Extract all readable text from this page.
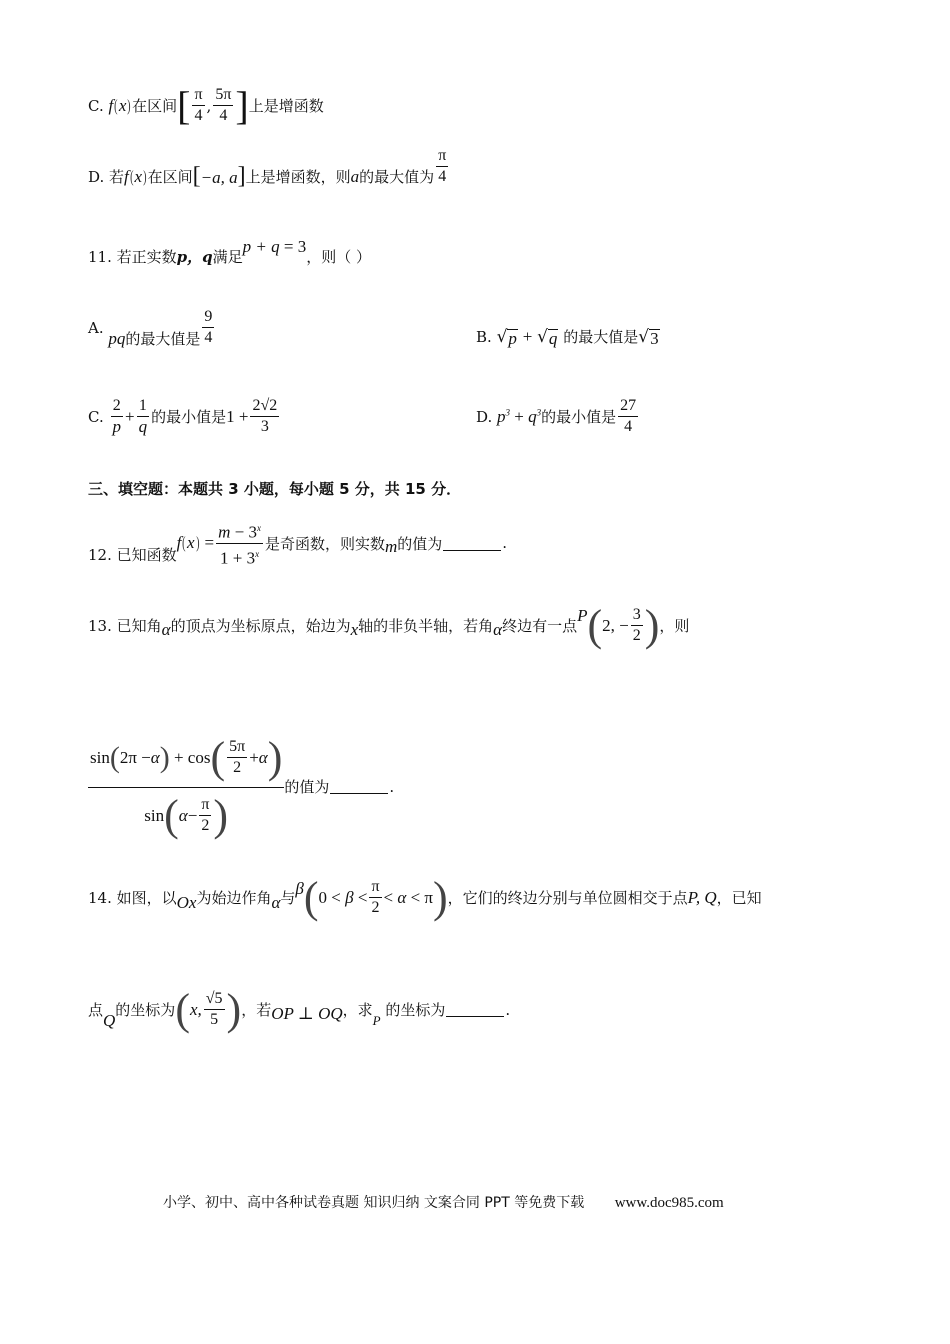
C.
f(x) 在区间 [ $\frac{\pi}{4}$ , $\frac{5\pi}{4}$ ] 上是增函数
D. 若 f(x) 在区间 [−a, a] 上是增函数，则 a 的最大值为 $\frac{\pi}{4}$
11. 若正实数 p，q 满足
p + q = 3
，则（ ）
A.

pq 的最大值是 $\frac{9}{4}$	B.
√ p
+
√ q
的最大值是 √ 3
C.
$\frac{2}{p} + \frac{1}{q}$ 的最小值是 $1 + \frac{2√2}{3}$	D.
$p^3 + q^3$ 的最小值是 $\frac{27}{4}$
三、填空题：本题共 3 小题，每小题 5 分，共 15 分．
12. 已知函数
$f(x) = \frac{m - 3^x}{1 + 3^x}$ 是奇函数，则实数 m 的值为	.
13. 已知角 α 的顶点为坐标原点，始边为 x 轴的非负半轴，若角 α 终边有一点
P ( 2, − $\frac{3}{2}$ ) ，则
$\frac{\sin ( 2\pi - \alpha ) + \cos ( \frac{5\pi}{2} + \alpha )}{\sin ( \alpha - \frac{\pi}{2} )}$ 的值为	.
14. 如图，以 Ox 为始边作角 α 与
β ( $0 < \beta < \frac{\pi}{2} < \alpha < \pi$ ) ，它们的终边分别与单位圆相交于点 P, Q ，已知
点
Q
的坐标为 ( x, $\frac{√5}{5}$ ) ，若 OP ⊥ OQ ，求
P

的坐标为	.
小学、初中、高中各种试卷真题 知识归纳 文案合同 PPT 等免费下载 www.doc985.com
